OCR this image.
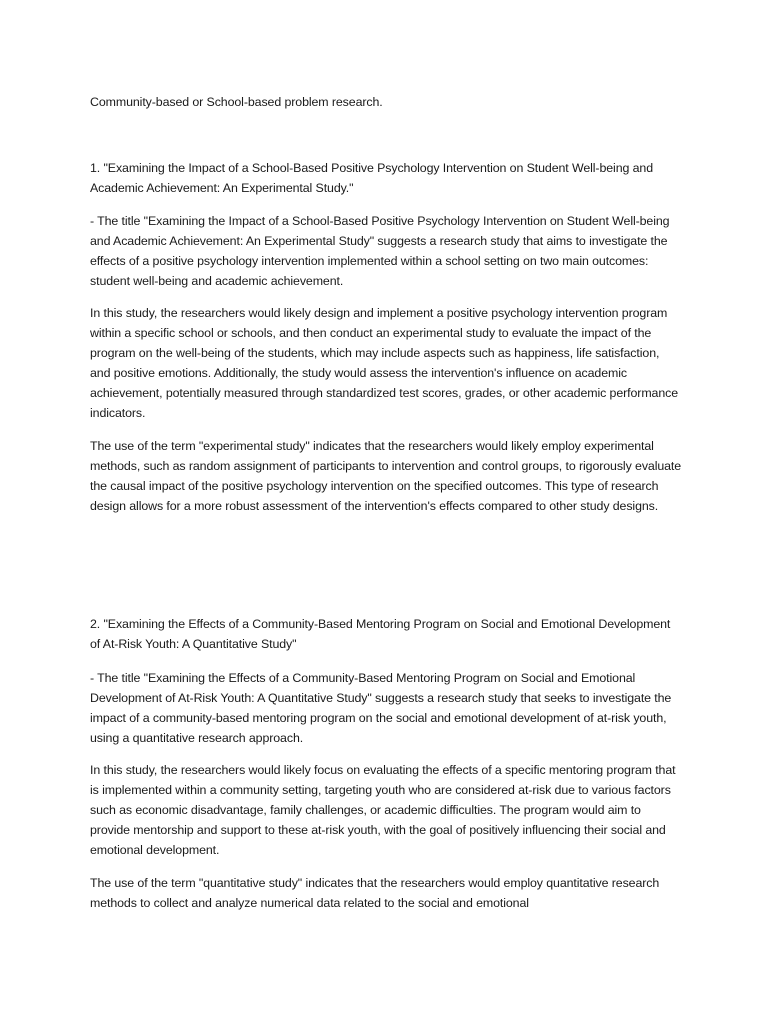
Community-based or School-based problem research.

1. "Examining the Impact of a School-Based Positive Psychology Intervention on Student Well-being and Academic Achievement: An Experimental Study."

- The title "Examining the Impact of a School-Based Positive Psychology Intervention on Student Well-being and Academic Achievement: An Experimental Study" suggests a research study that aims to investigate the effects of a positive psychology intervention implemented within a school setting on two main outcomes: student well-being and academic achievement.

In this study, the researchers would likely design and implement a positive psychology intervention program within a specific school or schools, and then conduct an experimental study to evaluate the impact of the program on the well-being of the students, which may include aspects such as happiness, life satisfaction, and positive emotions. Additionally, the study would assess the intervention's influence on academic achievement, potentially measured through standardized test scores, grades, or other academic performance indicators.

The use of the term "experimental study" indicates that the researchers would likely employ experimental methods, such as random assignment of participants to intervention and control groups, to rigorously evaluate the causal impact of the positive psychology intervention on the specified outcomes. This type of research design allows for a more robust assessment of the intervention's effects compared to other study designs.

2. "Examining the Effects of a Community-Based Mentoring Program on Social and Emotional Development of At-Risk Youth: A Quantitative Study"

- The title "Examining the Effects of a Community-Based Mentoring Program on Social and Emotional Development of At-Risk Youth: A Quantitative Study" suggests a research study that seeks to investigate the impact of a community-based mentoring program on the social and emotional development of at-risk youth, using a quantitative research approach.

In this study, the researchers would likely focus on evaluating the effects of a specific mentoring program that is implemented within a community setting, targeting youth who are considered at-risk due to various factors such as economic disadvantage, family challenges, or academic difficulties. The program would aim to provide mentorship and support to these at-risk youth, with the goal of positively influencing their social and emotional development.

The use of the term "quantitative study" indicates that the researchers would employ quantitative research methods to collect and analyze numerical data related to the social and emotional
